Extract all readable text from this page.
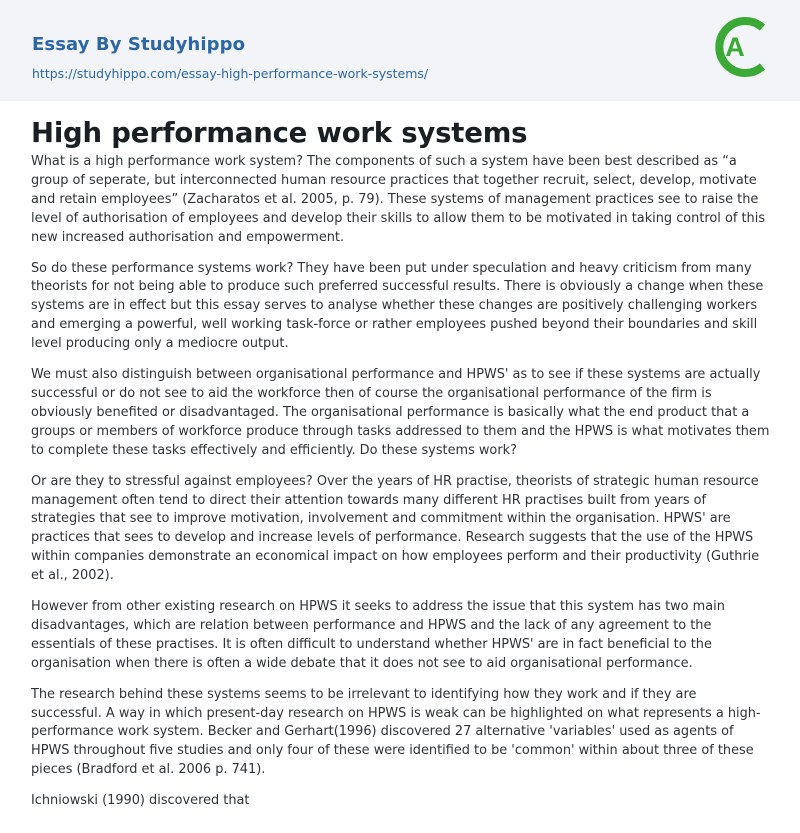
Essay By Studyhippo
https://studyhippo.com/essay-high-performance-work-systems/
A
High performance work systems

What is a high performance work system? The components of such a system have been best described as “a group of seperate, but interconnected human resource practices that together recruit, select, develop, motivate and retain employees” (Zacharatos et al. 2005, p. 79). These systems of management practices see to raise the level of authorisation of employees and develop their skills to allow them to be motivated in taking control of this new increased authorisation and empowerment.

So do these performance systems work? They have been put under speculation and heavy criticism from many theorists for not being able to produce such preferred successful results. There is obviously a change when these systems are in effect but this essay serves to analyse whether these changes are positively challenging workers and emerging a powerful, well working task-force or rather employees pushed beyond their boundaries and skill level producing only a mediocre output.

We must also distinguish between organisational performance and HPWS' as to see if these systems are actually successful or do not see to aid the workforce then of course the organisational performance of the firm is obviously benefited or disadvantaged. The organisational performance is basically what the end product that a groups or members of workforce produce through tasks addressed to them and the HPWS is what motivates them to complete these tasks effectively and efficiently. Do these systems work?

Or are they to stressful against employees? Over the years of HR practise, theorists of strategic human resource management often tend to direct their attention towards many different HR practises built from years of strategies that see to improve motivation, involvement and commitment within the organisation. HPWS' are practices that sees to develop and increase levels of performance. Research suggests that the use of the HPWS within companies demonstrate an economical impact on how employees perform and their productivity (Guthrie et al., 2002).

However from other existing research on HPWS it seeks to address the issue that this system has two main disadvantages, which are relation between performance and HPWS and the lack of any agreement to the essentials of these practises. It is often difficult to understand whether HPWS' are in fact beneficial to the organisation when there is often a wide debate that it does not see to aid organisational performance.

The research behind these systems seems to be irrelevant to identifying how they work and if they are successful. A way in which present-day research on HPWS is weak can be highlighted on what represents a high-performance work system. Becker and Gerhart(1996) discovered 27 alternative 'variables' used as agents of HPWS throughout five studies and only four of these were identified to be 'common' within about three of these pieces (Bradford et al. 2006 p. 741).

Ichniowski (1990) discovered that
